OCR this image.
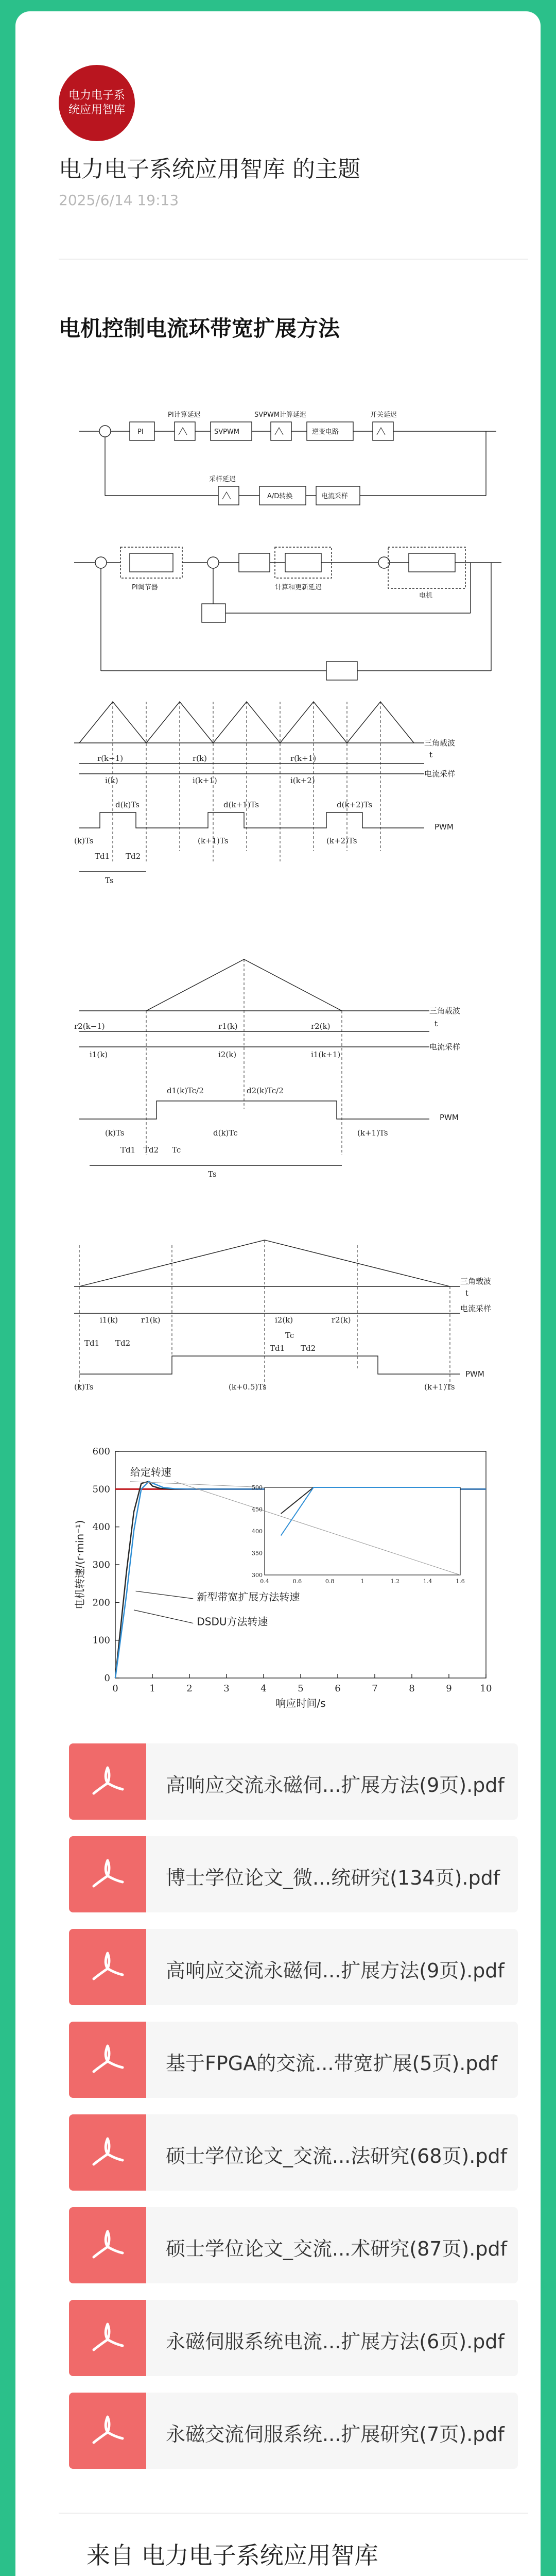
电力电子系统应用智库
电力电子系统应用智库 的主题
2025/6/14 19:13
电机控制电流环带宽扩展方法
PI	SVPWM	逆变电路
PI计算延迟	SVPWM计算延迟	开关延迟
采样延迟
A/D转换	电流采样
PI调节器	计算和更新延迟
电机
三角载波
电流采样
PWM
t
r(k−1)	r(k)	r(k+1)
i(k)	i(k+1)	i(k+2)
d(k)Ts	d(k+1)Ts	d(k+2)Ts
(k)Ts	(k+1)Ts	(k+2)Ts
Td1 Td2
Ts
三角载波
电流采样
PWM
t
r2(k−1)	r1(k)	r2(k)
i1(k)	i2(k)	i1(k+1)
d1(k)Tc/2	d2(k)Tc/2
d(k)Tc
(k)Ts	(k+1)Ts
Td1 Td2 Tc
Ts
三角载波
电流采样
PWM
t
r1(k)	r2(k)
i1(k)	i2(k)
(k)Ts	(k+0.5)Ts	(k+1)Ts
Td1 Td2
Tc
Td1 Td2
0	1	2	3	4	5	6	7	8	9	10
0
100
200
300
400
500
600
0.4	0.6	0.8	1	1.2	1.4	1.6
300
350
400
450
500
响应时间/s
电机转速/(r·min⁻¹)
给定转速
新型带宽扩展方法转速
DSDU方法转速
高响应交流永磁伺...扩展方法(9页).pdf
博士学位论文_微...统研究(134页).pdf
高响应交流永磁伺...扩展方法(9页).pdf
基于FPGA的交流...带宽扩展(5页).pdf
硕士学位论文_交流...法研究(68页).pdf
硕士学位论文_交流...术研究(87页).pdf
永磁伺服系统电流...扩展方法(6页).pdf
永磁交流伺服系统...扩展研究(7页).pdf
来自 电力电子系统应用智库
